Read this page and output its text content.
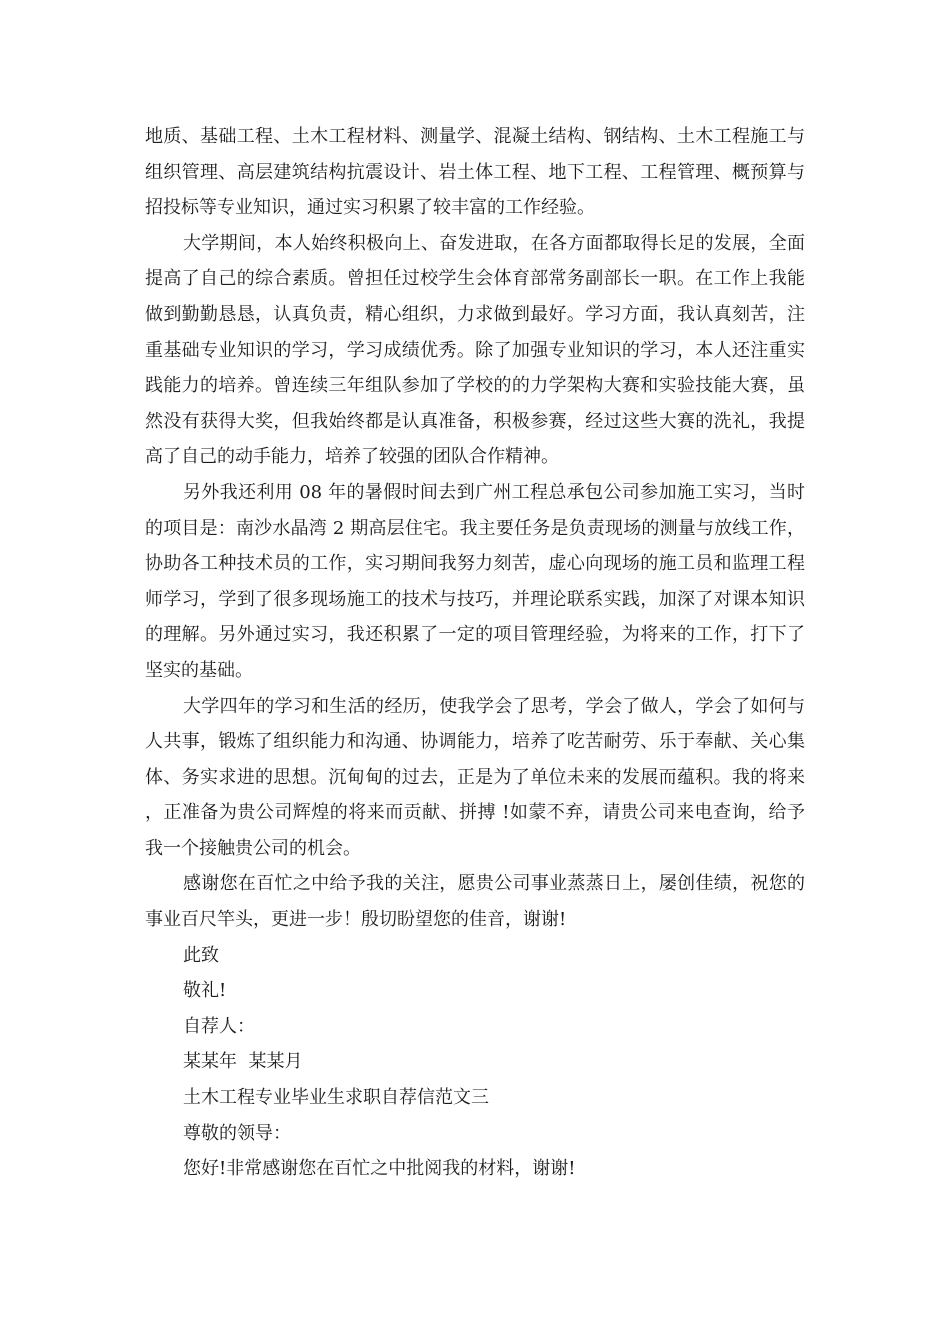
地质、基础工程、土木工程材料、测量学、混凝土结构、钢结构、土木工程施工与组织管理、高层建筑结构抗震设计、岩土体工程、地下工程、工程管理、概预算与招投标等专业知识，通过实习积累了较丰富的工作经验。

大学期间，本人始终积极向上、奋发进取，在各方面都取得长足的发展，全面提高了自己的综合素质。曾担任过校学生会体育部常务副部长一职。在工作上我能做到勤勤恳恳，认真负责，精心组织，力求做到最好。学习方面，我认真刻苦，注重基础专业知识的学习，学习成绩优秀。除了加强专业知识的学习，本人还注重实践能力的培养。曾连续三年组队参加了学校的的力学架构大赛和实验技能大赛，虽然没有获得大奖，但我始终都是认真准备，积极参赛，经过这些大赛的洗礼，我提高了自己的动手能力，培养了较强的团队合作精神。

另外我还利用 08 年的暑假时间去到广州工程总承包公司参加施工实习，当时的项目是：南沙水晶湾 2 期高层住宅。我主要任务是负责现场的测量与放线工作，协助各工种技术员的工作，实习期间我努力刻苦，虚心向现场的施工员和监理工程师学习，学到了很多现场施工的技术与技巧，并理论联系实践，加深了对课本知识的理解。另外通过实习，我还积累了一定的项目管理经验，为将来的工作，打下了坚实的基础。

大学四年的学习和生活的经历，使我学会了思考，学会了做人，学会了如何与人共事，锻炼了组织能力和沟通、协调能力，培养了吃苦耐劳、乐于奉献、关心集体、务实求进的思想。沉甸甸的过去，正是为了单位未来的发展而蕴积。我的将来，正准备为贵公司辉煌的将来而贡献、拼搏 !如蒙不弃，请贵公司来电查询，给予我一个接触贵公司的机会。

感谢您在百忙之中给予我的关注，愿贵公司事业蒸蒸日上，屡创佳绩，祝您的事业百尺竿头，更进一步！殷切盼望您的佳音，谢谢!

此致

敬礼!

自荐人：

某某年  某某月

土木工程专业毕业生求职自荐信范文三

尊敬的领导：

您好!非常感谢您在百忙之中批阅我的材料，谢谢!
